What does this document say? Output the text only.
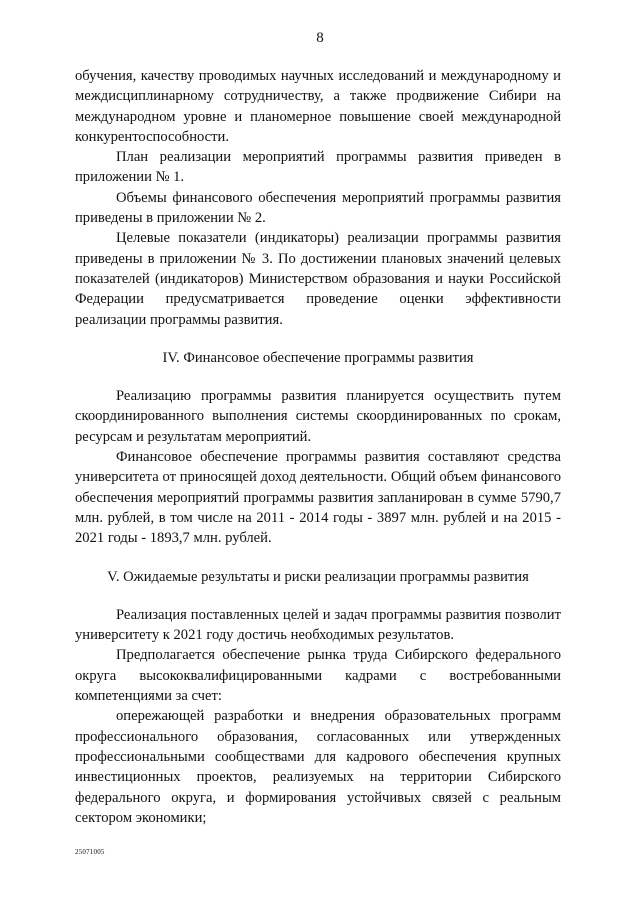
8

обучения, качеству проводимых научных исследований и международному и междисциплинарному сотрудничеству, а также продвижение Сибири на международном уровне и планомерное повышение своей международной конкурентоспособности.

План реализации мероприятий программы развития приведен в приложении № 1.

Объемы финансового обеспечения мероприятий программы развития приведены в приложении № 2.

Целевые показатели (индикаторы) реализации программы развития приведены в приложении № 3. По достижении плановых значений целевых показателей (индикаторов) Министерством образования и науки Российской Федерации предусматривается проведение оценки эффективности реализации программы развития.

IV. Финансовое обеспечение программы развития

Реализацию программы развития планируется осуществить путем скоординированного выполнения системы скоординированных по срокам, ресурсам и результатам мероприятий.

Финансовое обеспечение программы развития составляют средства университета от приносящей доход деятельности. Общий объем финансового обеспечения мероприятий программы развития запланирован в сумме 5790,7 млн. рублей, в том числе на 2011 - 2014 годы - 3897 млн. рублей и на 2015 - 2021 годы - 1893,7 млн. рублей.

V. Ожидаемые результаты и риски реализации программы развития

Реализация поставленных целей и задач программы развития позволит университету к 2021 году достичь необходимых результатов.

Предполагается обеспечение рынка труда Сибирского федерального округа высококвалифицированными кадрами с востребованными компетенциями за счет:

опережающей разработки и внедрения образовательных программ профессионального образования, согласованных или утвержденных профессиональными сообществами для кадрового обеспечения крупных инвестиционных проектов, реализуемых на территории Сибирского федерального округа, и формирования устойчивых связей с реальным сектором экономики;

25071005
